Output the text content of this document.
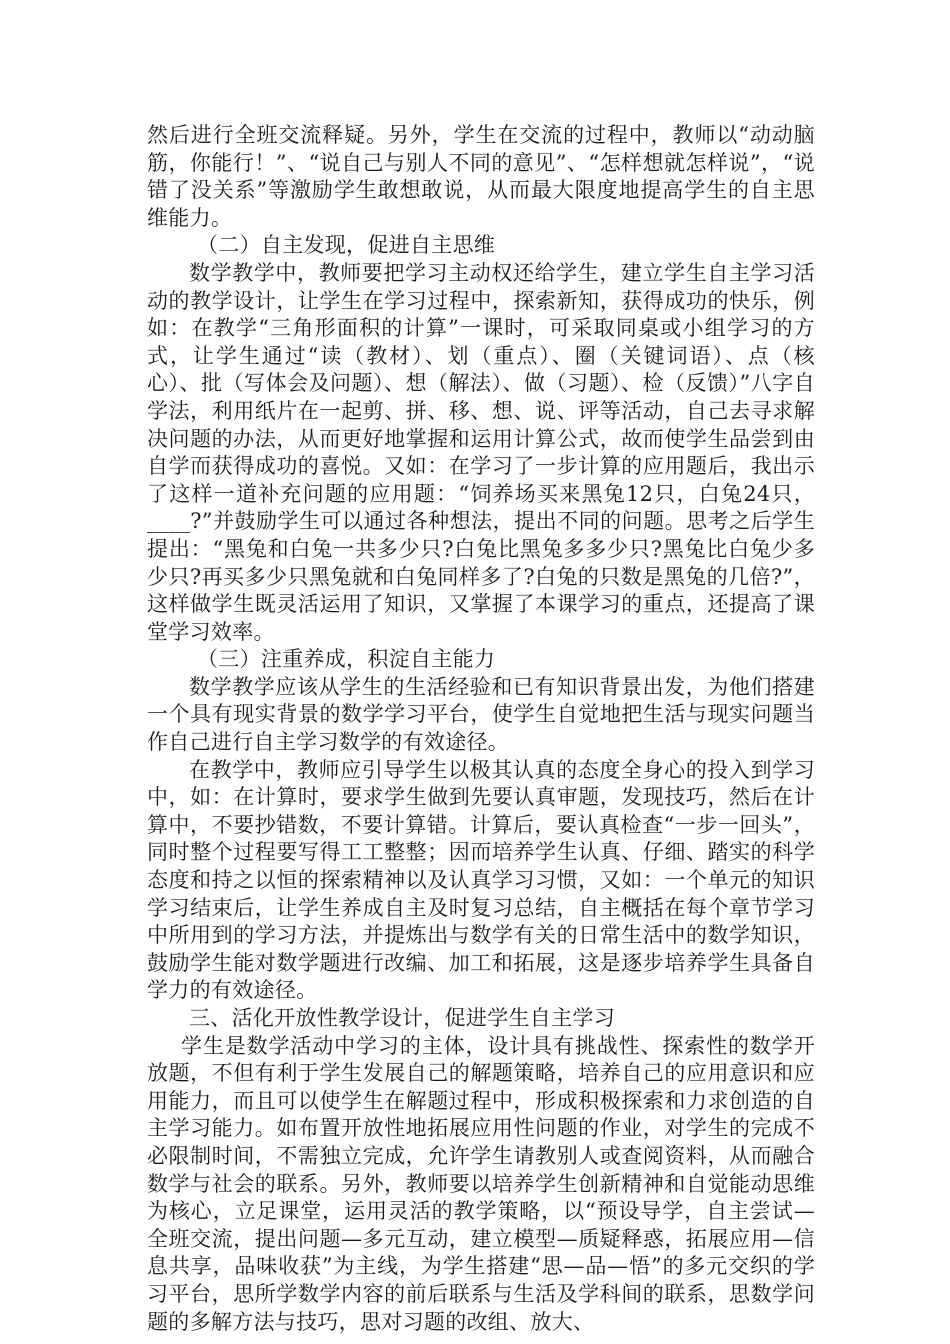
然后进行全班交流释疑。另外，学生在交流的过程中，教师以“动动脑筋，你能行！”、“说自己与别人不同的意见”、“怎样想就怎样说”，“说错了没关系”等激励学生敢想敢说，从而最大限度地提高学生的自主思维能力。

（二）自主发现，促进自主思维

数学教学中，教师要把学习主动权还给学生，建立学生自主学习活动的教学设计，让学生在学习过程中，探索新知，获得成功的快乐，例如：在教学“三角形面积的计算”一课时，可采取同桌或小组学习的方式，让学生通过“读（教材）、划（重点）、圈（关键词语）、点（核心）、批（写体会及问题）、想（解法）、做（习题）、检（反馈）”八字自学法，利用纸片在一起剪、拼、移、想、说、评等活动，自己去寻求解决问题的办法，从而更好地掌握和运用计算公式，故而使学生品尝到由自学而获得成功的喜悦。又如：在学习了一步计算的应用题后，我出示了这样一道补充问题的应用题：“饲养场买来黑兔12只，白兔24只，____?”并鼓励学生可以通过各种想法，提出不同的问题。思考之后学生提出：“黑兔和白兔一共多少只?白兔比黑兔多多少只?黑兔比白兔少多少只?再买多少只黑兔就和白兔同样多了?白兔的只数是黑兔的几倍?”，这样做学生既灵活运用了知识，又掌握了本课学习的重点，还提高了课堂学习效率。

（三）注重养成，积淀自主能力

数学教学应该从学生的生活经验和已有知识背景出发，为他们搭建一个具有现实背景的数学学习平台，使学生自觉地把生活与现实问题当作自己进行自主学习数学的有效途径。

在教学中，教师应引导学生以极其认真的态度全身心的投入到学习中，如：在计算时，要求学生做到先要认真审题，发现技巧，然后在计算中，不要抄错数，不要计算错。计算后，要认真检查“一步一回头”，同时整个过程要写得工工整整；因而培养学生认真、仔细、踏实的科学态度和持之以恒的探索精神以及认真学习习惯，又如：一个单元的知识学习结束后，让学生养成自主及时复习总结，自主概括在每个章节学习中所用到的学习方法，并提炼出与数学有关的日常生活中的数学知识，鼓励学生能对数学题进行改编、加工和拓展，这是逐步培养学生具备自学力的有效途径。

三、活化开放性教学设计，促进学生自主学习

学生是数学活动中学习的主体，设计具有挑战性、探索性的数学开放题，不但有利于学生发展自己的解题策略，培养自己的应用意识和应用能力，而且可以使学生在解题过程中，形成积极探索和力求创造的自主学习能力。如布置开放性地拓展应用性问题的作业，对学生的完成不必限制时间，不需独立完成，允许学生请教别人或查阅资料，从而融合数学与社会的联系。另外，教师要以培养学生创新精神和自觉能动思维为核心，立足课堂，运用灵活的教学策略，以“预设导学，自主尝试—全班交流，提出问题—多元互动，建立模型—质疑释惑，拓展应用—信息共享，品味收获”为主线，为学生搭建“思—品—悟”的多元交织的学习平台，思所学数学内容的前后联系与生活及学科间的联系，思数学问题的多解方法与技巧，思对习题的改组、放大、
